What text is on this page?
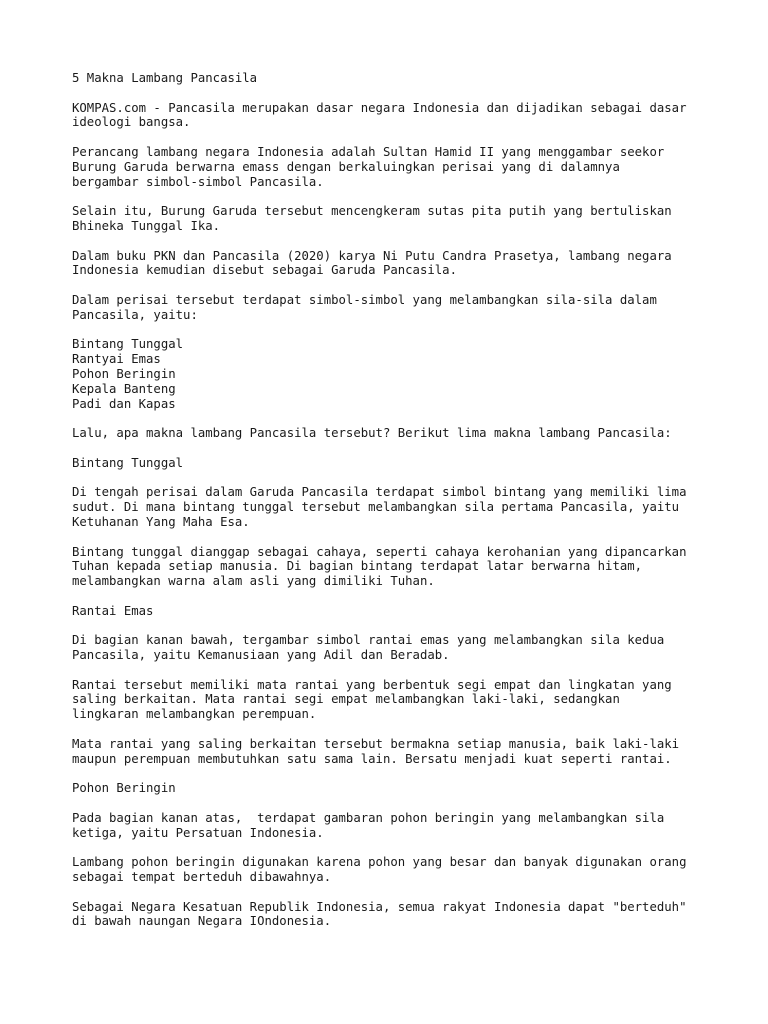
5 Makna Lambang Pancasila
KOMPAS.com - Pancasila merupakan dasar negara Indonesia dan dijadikan sebagai dasar
ideologi bangsa.
Perancang lambang negara Indonesia adalah Sultan Hamid II yang menggambar seekor
Burung Garuda berwarna emass dengan berkaluingkan perisai yang di dalamnya
bergambar simbol-simbol Pancasila.
Selain itu, Burung Garuda tersebut mencengkeram sutas pita putih yang bertuliskan
Bhineka Tunggal Ika.
Dalam buku PKN dan Pancasila (2020) karya Ni Putu Candra Prasetya, lambang negara
Indonesia kemudian disebut sebagai Garuda Pancasila.
Dalam perisai tersebut terdapat simbol-simbol yang melambangkan sila-sila dalam
Pancasila, yaitu:
Bintang Tunggal
Rantyai Emas
Pohon Beringin
Kepala Banteng
Padi dan Kapas
Lalu, apa makna lambang Pancasila tersebut? Berikut lima makna lambang Pancasila:
Bintang Tunggal
Di tengah perisai dalam Garuda Pancasila terdapat simbol bintang yang memiliki lima
sudut. Di mana bintang tunggal tersebut melambangkan sila pertama Pancasila, yaitu
Ketuhanan Yang Maha Esa.
Bintang tunggal dianggap sebagai cahaya, seperti cahaya kerohanian yang dipancarkan
Tuhan kepada setiap manusia. Di bagian bintang terdapat latar berwarna hitam,
melambangkan warna alam asli yang dimiliki Tuhan.
Rantai Emas
Di bagian kanan bawah, tergambar simbol rantai emas yang melambangkan sila kedua
Pancasila, yaitu Kemanusiaan yang Adil dan Beradab.
Rantai tersebut memiliki mata rantai yang berbentuk segi empat dan lingkatan yang
saling berkaitan. Mata rantai segi empat melambangkan laki-laki, sedangkan
lingkaran melambangkan perempuan.
Mata rantai yang saling berkaitan tersebut bermakna setiap manusia, baik laki-laki
maupun perempuan membutuhkan satu sama lain. Bersatu menjadi kuat seperti rantai.
Pohon Beringin
Pada bagian kanan atas,  terdapat gambaran pohon beringin yang melambangkan sila
ketiga, yaitu Persatuan Indonesia.
Lambang pohon beringin digunakan karena pohon yang besar dan banyak digunakan orang
sebagai tempat berteduh dibawahnya.
Sebagai Negara Kesatuan Republik Indonesia, semua rakyat Indonesia dapat "berteduh"
di bawah naungan Negara IOndonesia.
